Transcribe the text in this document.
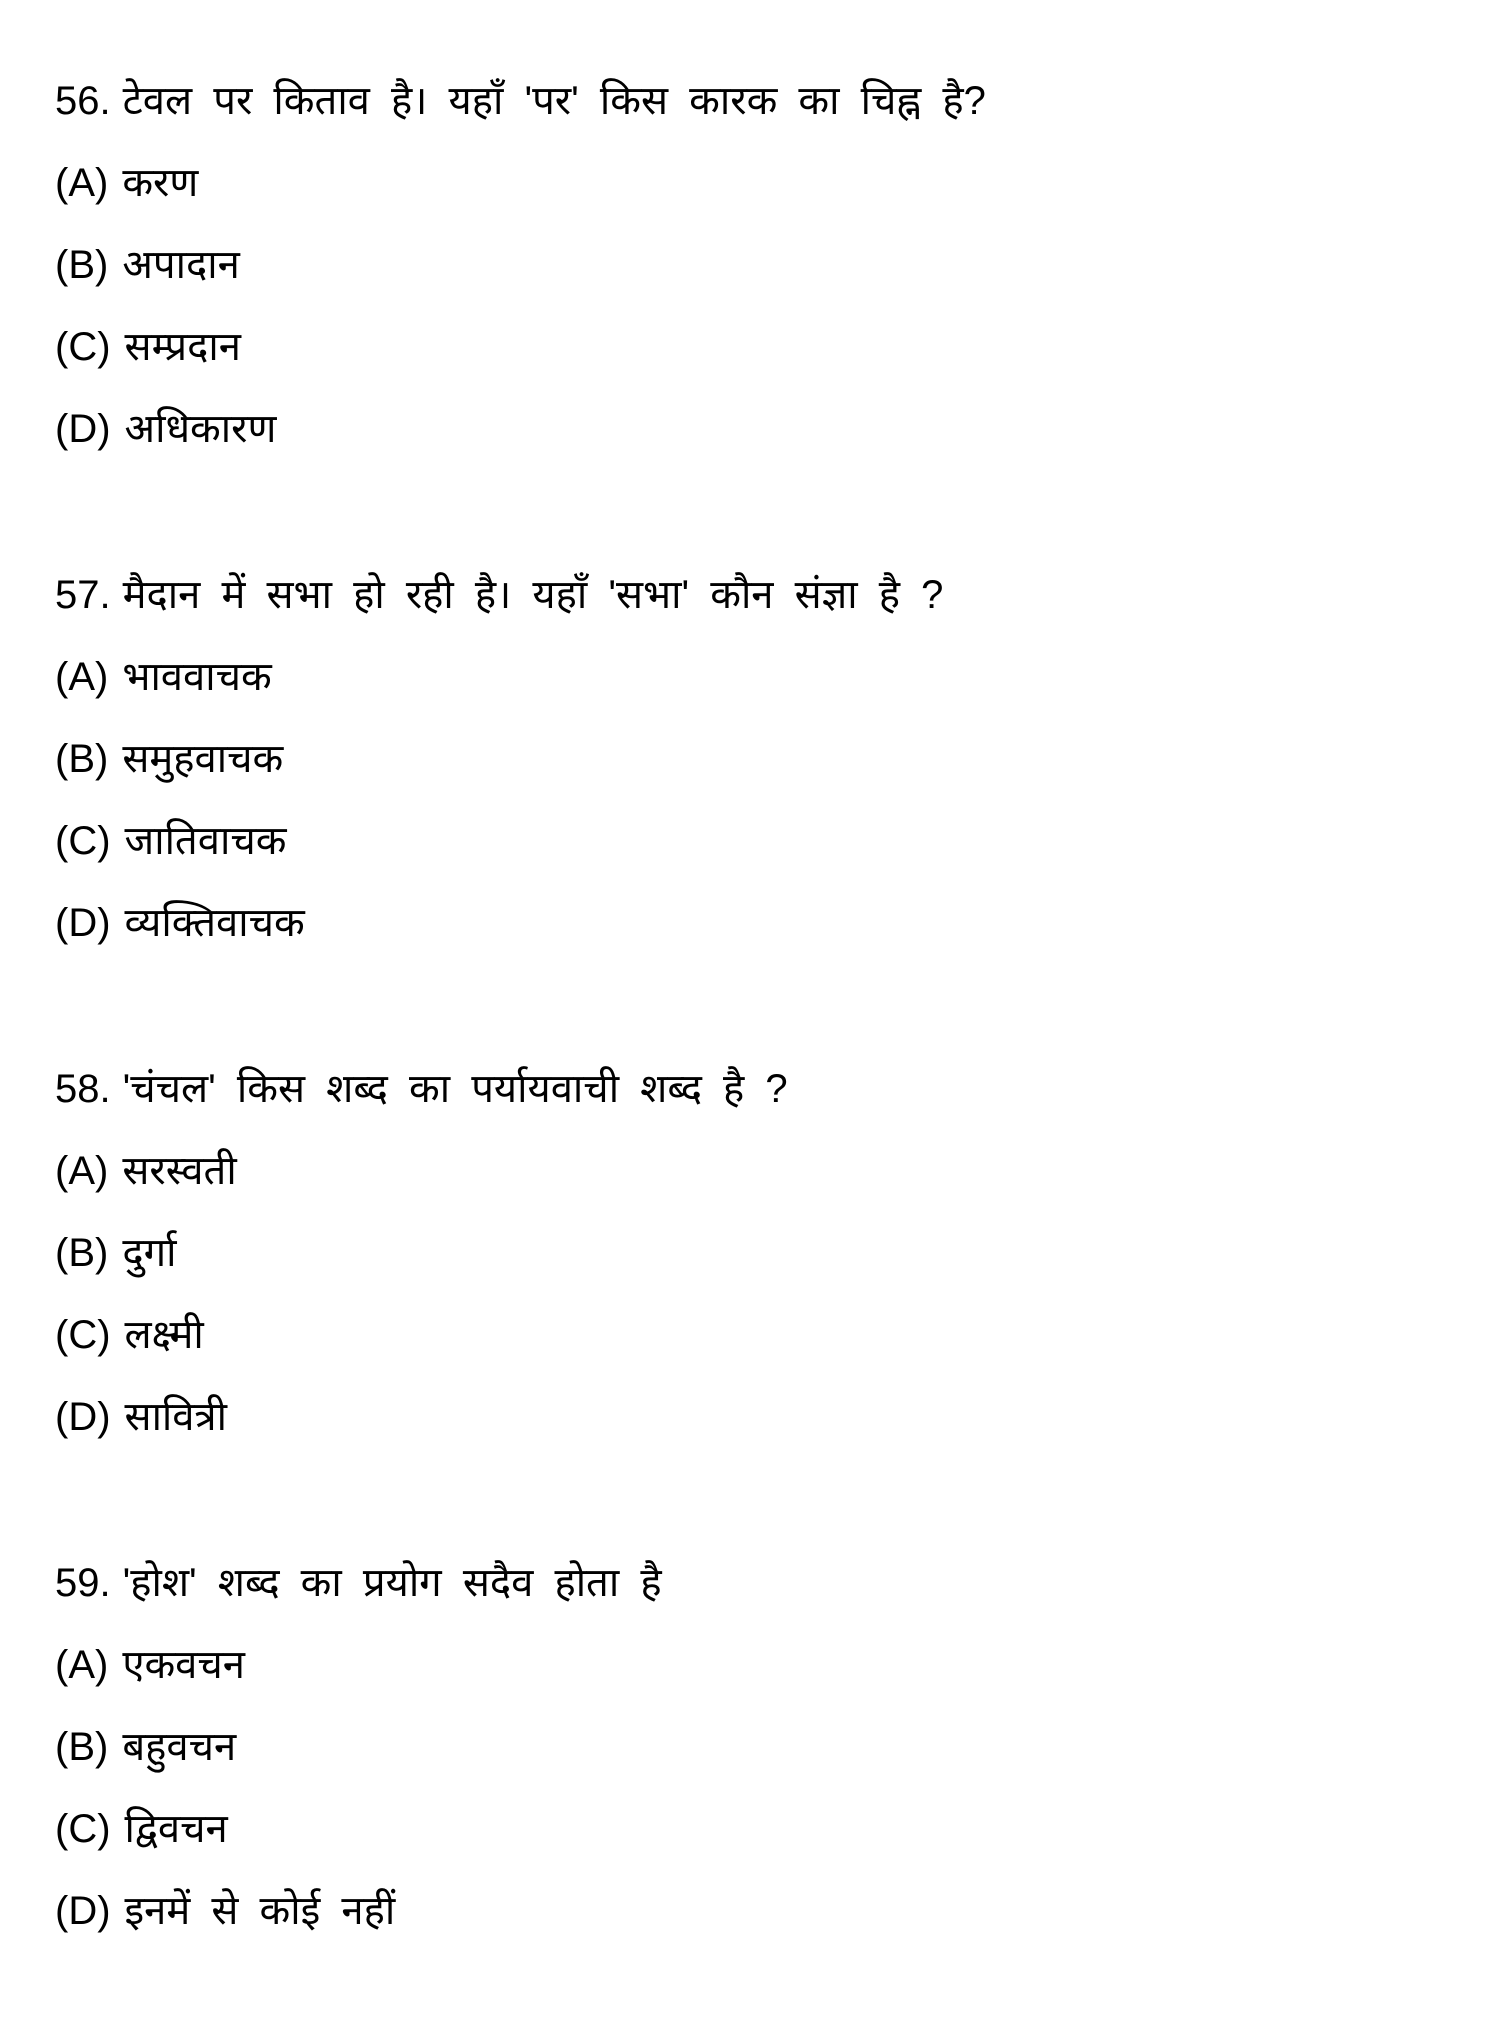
56. टेवल पर किताव है। यहाँ 'पर' किस कारक का चिह्न है?
(A) करण
(B) अपादान
(C) सम्प्रदान
(D) अधिकारण
57. मैदान में सभा हो रही है। यहाँ 'सभा' कौन संज्ञा है ?
(A) भाववाचक
(B) समुहवाचक
(C) जातिवाचक
(D) व्यक्तिवाचक
58. 'चंचल' किस शब्द का पर्यायवाची शब्द है ?
(A) सरस्वती
(B) दुर्गा
(C) लक्ष्मी
(D) सावित्री
59. 'होश' शब्द का प्रयोग सदैव होता है
(A) एकवचन
(B) बहुवचन
(C) द्विवचन
(D) इनमें से कोई नहीं
